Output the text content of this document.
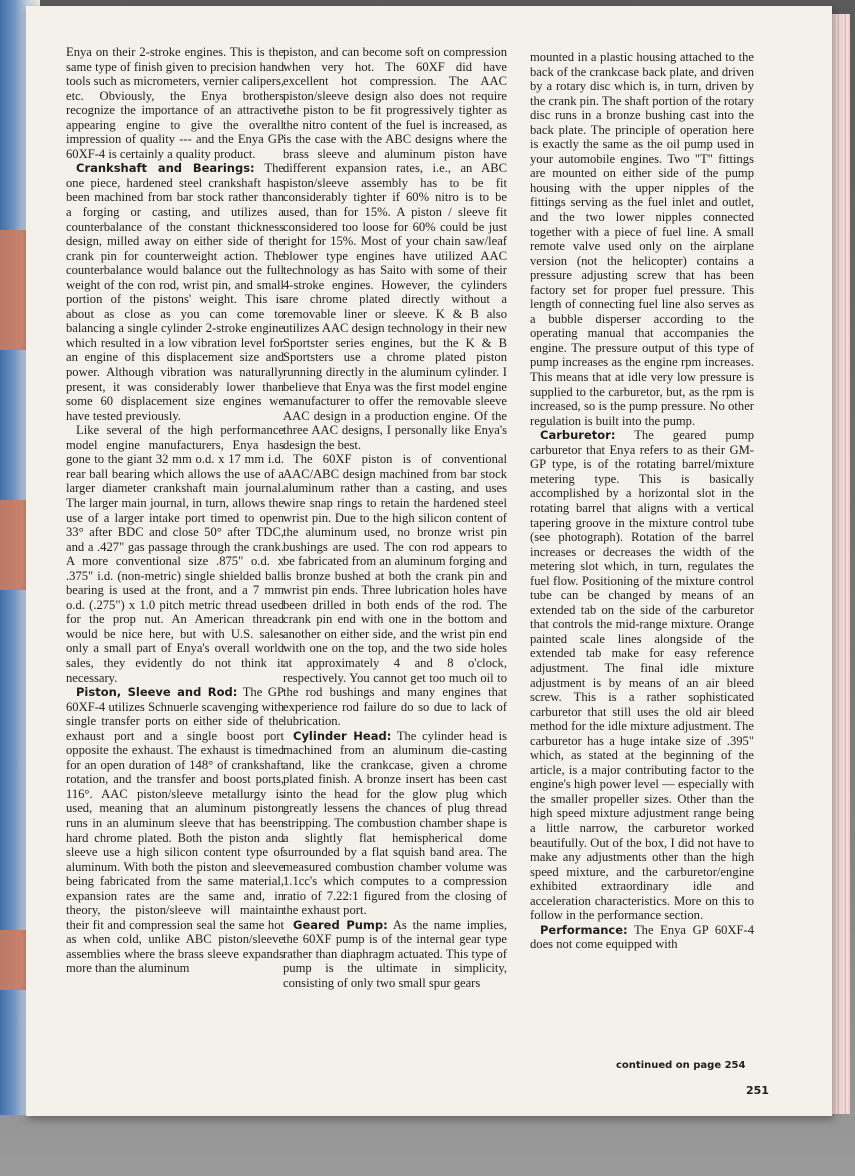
Enya on their 2-stroke engines. This is the same type of finish given to precision hand tools such as micrometers, vernier calipers, etc. Obviously, the Enya brothers recognize the importance of an attractive appearing engine to give the overall impression of quality --- and the Enya GP 60XF-4 is certainly a quality product.

Crankshaft and Bearings: The one piece, hardened steel crankshaft has been machined from bar stock rather than a forging or casting, and utilizes a counterbalance of the constant thickness design, milled away on either side of the crank pin for counterweight action. The counterbalance would balance out the full weight of the con rod, wrist pin, and small portion of the pistons' weight. This is about as close as you can come to balancing a single cylinder 2-stroke engine which resulted in a low vibration level for an engine of this displacement size and power. Although vibration was naturally present, it was considerably lower than some 60 displacement size engines we have tested previously.

Like several of the high performance model engine manufacturers, Enya has gone to the giant 32 mm o.d. x 17 mm i.d. rear ball bearing which allows the use of a larger diameter crankshaft main journal. The larger main journal, in turn, allows the use of a larger intake port timed to open 33° after BDC and close 50° after TDC, and a .427" gas passage through the crank. A more conventional size .875" o.d. x .375" i.d. (non-metric) single shielded ball bearing is used at the front, and a 7 mm o.d. (.275") x 1.0 pitch metric thread used for the prop nut. An American thread would be nice here, but with U.S. sales only a small part of Enya's overall world sales, they evidently do not think it necessary.

Piston, Sleeve and Rod: The GP 60XF-4 utilizes Schnuerle scavenging with single transfer ports on either side of the exhaust port and a single boost port opposite the exhaust. The exhaust is timed for an open duration of 148° of crankshaft rotation, and the transfer and boost ports, 116°. AAC piston/sleeve metallurgy is used, meaning that an aluminum piston runs in an aluminum sleeve that has been hard chrome plated. Both the piston and sleeve use a high silicon content type of aluminum. With both the piston and sleeve being fabricated from the same material, expansion rates are the same and, in theory, the piston/sleeve will maintain their fit and compression seal the same hot as when cold, unlike ABC piston/sleeve assemblies where the brass sleeve expands more than the aluminum

piston, and can become soft on compression when very hot. The 60XF did have excellent hot compression. The AAC piston/sleeve design also does not require the piston to be fit progressively tighter as the nitro content of the fuel is increased, as is the case with the ABC designs where the brass sleeve and aluminum piston have different expansion rates, i.e., an ABC piston/sleeve assembly has to be fit considerably tighter if 60% nitro is to be used, than for 15%. A piston / sleeve fit considered too loose for 60% could be just right for 15%. Most of your chain saw/leaf blower type engines have utilized AAC technology as has Saito with some of their 4-stroke engines. However, the cylinders are chrome plated directly without a removable liner or sleeve. K & B also utilizes AAC design technology in their new Sportster series engines, but the K & B Sportsters use a chrome plated piston running directly in the aluminum cylinder. I believe that Enya was the first model engine manufacturer to offer the removable sleeve AAC design in a production engine. Of the three AAC designs, I personally like Enya's design the best.

The 60XF piston is of conventional AAC/ABC design machined from bar stock aluminum rather than a casting, and uses wire snap rings to retain the hardened steel wrist pin. Due to the high silicon content of the aluminum used, no bronze wrist pin bushings are used. The con rod appears to be fabricated from an aluminum forging and is bronze bushed at both the crank pin and wrist pin ends. Three lubrication holes have been drilled in both ends of the rod. The crank pin end with one in the bottom and another on either side, and the wrist pin end with one on the top, and the two side holes at approximately 4 and 8 o'clock, respectively. You cannot get too much oil to the rod bushings and many engines that experience rod failure do so due to lack of lubrication.

Cylinder Head: The cylinder head is machined from an aluminum die-casting and, like the crankcase, given a chrome plated finish. A bronze insert has been cast into the head for the glow plug which greatly lessens the chances of plug thread stripping. The combustion chamber shape is a slightly flat hemispherical dome surrounded by a flat squish band area. The measured combustion chamber volume was 1.1cc's which computes to a compression ratio of 7.22:1 figured from the closing of the exhaust port.

Geared Pump: As the name implies, the 60XF pump is of the internal gear type rather than diaphragm actuated. This type of pump is the ultimate in simplicity, consisting of only two small spur gears

mounted in a plastic housing attached to the back of the crankcase back plate, and driven by a rotary disc which is, in turn, driven by the crank pin. The shaft portion of the rotary disc runs in a bronze bushing cast into the back plate. The principle of operation here is exactly the same as the oil pump used in your automobile engines. Two "T" fittings are mounted on either side of the pump housing with the upper nipples of the fittings serving as the fuel inlet and outlet, and the two lower nipples connected together with a piece of fuel line. A small remote valve used only on the airplane version (not the helicopter) contains a pressure adjusting screw that has been factory set for proper fuel pressure. This length of connecting fuel line also serves as a bubble disperser according to the operating manual that accompanies the engine. The pressure output of this type of pump increases as the engine rpm increases. This means that at idle very low pressure is supplied to the carburetor, but, as the rpm is increased, so is the pump pressure. No other regulation is built into the pump.

Carburetor: The geared pump carburetor that Enya refers to as their GM-GP type, is of the rotating barrel/mixture metering type. This is basically accomplished by a horizontal slot in the rotating barrel that aligns with a vertical tapering groove in the mixture control tube (see photograph). Rotation of the barrel increases or decreases the width of the metering slot which, in turn, regulates the fuel flow. Positioning of the mixture control tube can be changed by means of an extended tab on the side of the carburetor that controls the mid-range mixture. Orange painted scale lines alongside of the extended tab make for easy reference adjustment. The final idle mixture adjustment is by means of an air bleed screw. This is a rather sophisticated carburetor that still uses the old air bleed method for the idle mixture adjustment. The carburetor has a huge intake size of .395" which, as stated at the beginning of the article, is a major contributing factor to the engine's high power level — especially with the smaller propeller sizes. Other than the high speed mixture adjustment range being a little narrow, the carburetor worked beautifully. Out of the box, I did not have to make any adjustments other than the high speed mixture, and the carburetor/engine exhibited extraordinary idle and acceleration characteristics. More on this to follow in the performance section.

Performance: The Enya GP 60XF-4 does not come equipped with

continued on page 254
251
